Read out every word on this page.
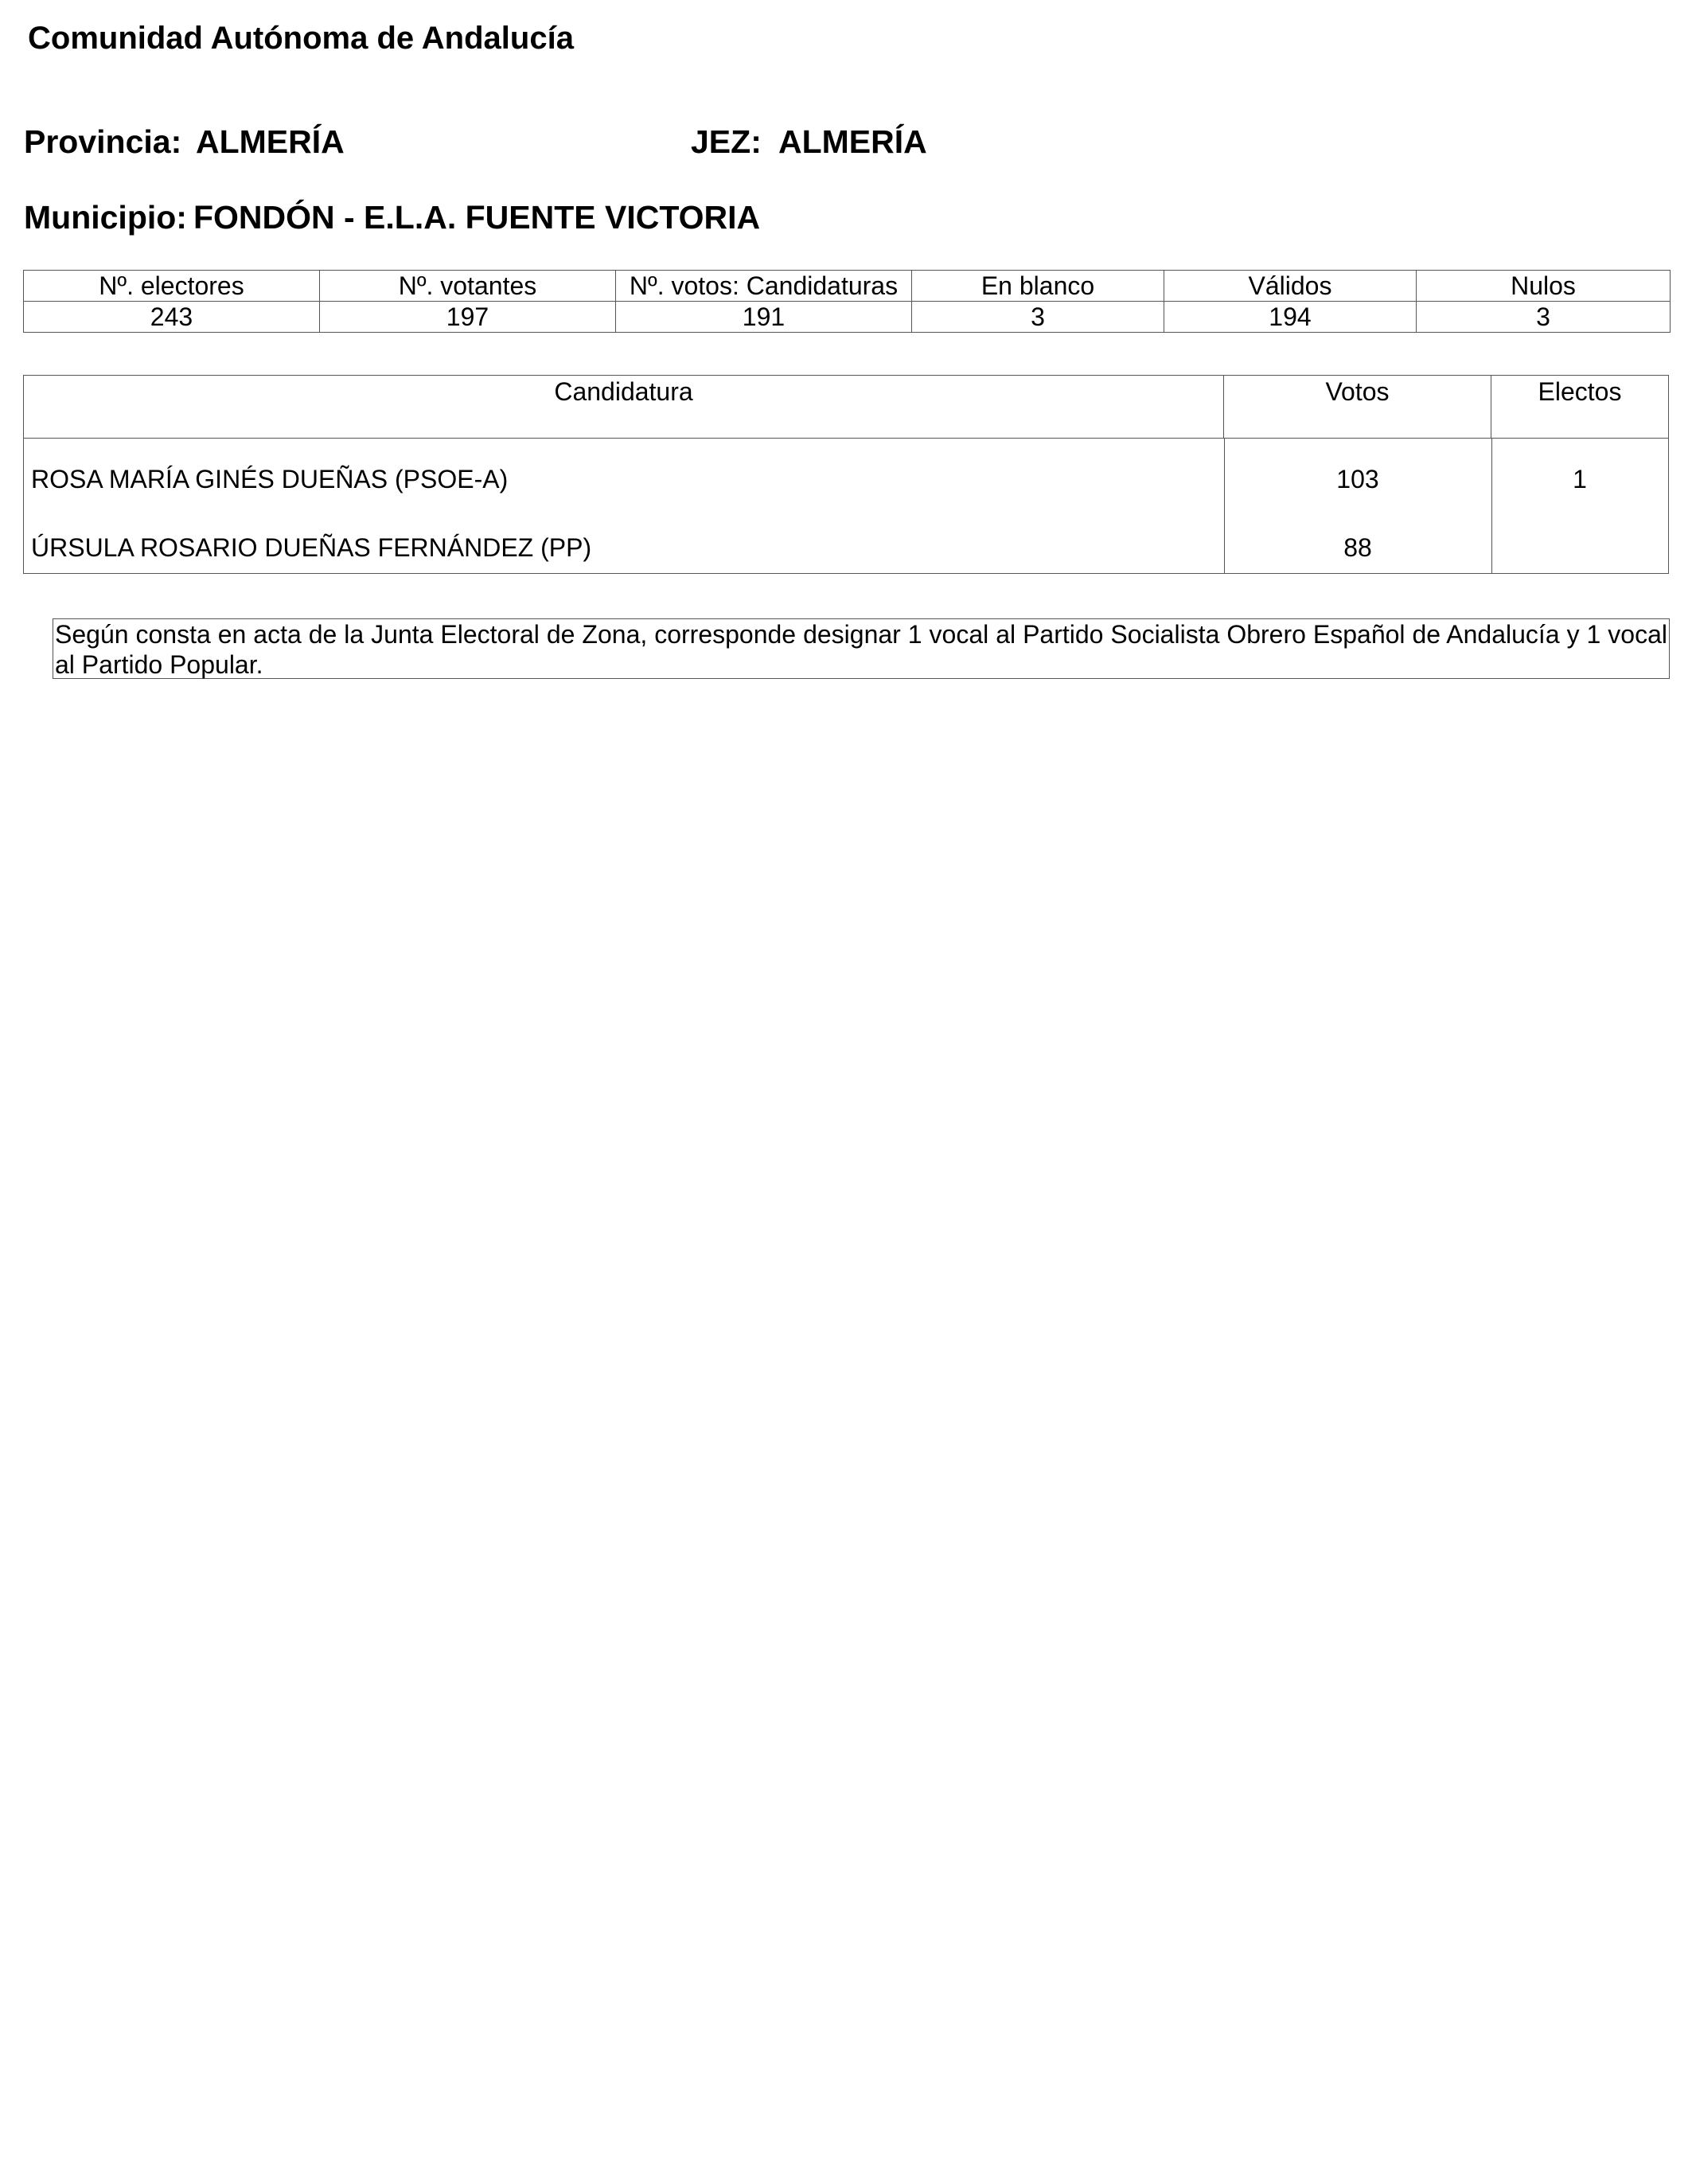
Comunidad Autónoma de Andalucía
Provincia: ALMERÍA	JEZ: ALMERÍA
Municipio: FONDÓN - E.L.A. FUENTE VICTORIA
Nº. electores	Nº. votantes	Nº. votos: Candidaturas	En blanco	Válidos	Nulos
243	197	191	3	194	3
Candidatura	Votos	Electos
ROSA MARÍA GINÉS DUEÑAS (PSOE-A)	103	1
ÚRSULA ROSARIO DUEÑAS FERNÁNDEZ (PP)	88
Según consta en acta de la Junta Electoral de Zona, corresponde designar 1 vocal al Partido Socialista Obrero Español de Andalucía y 1 vocal al Partido Popular.
